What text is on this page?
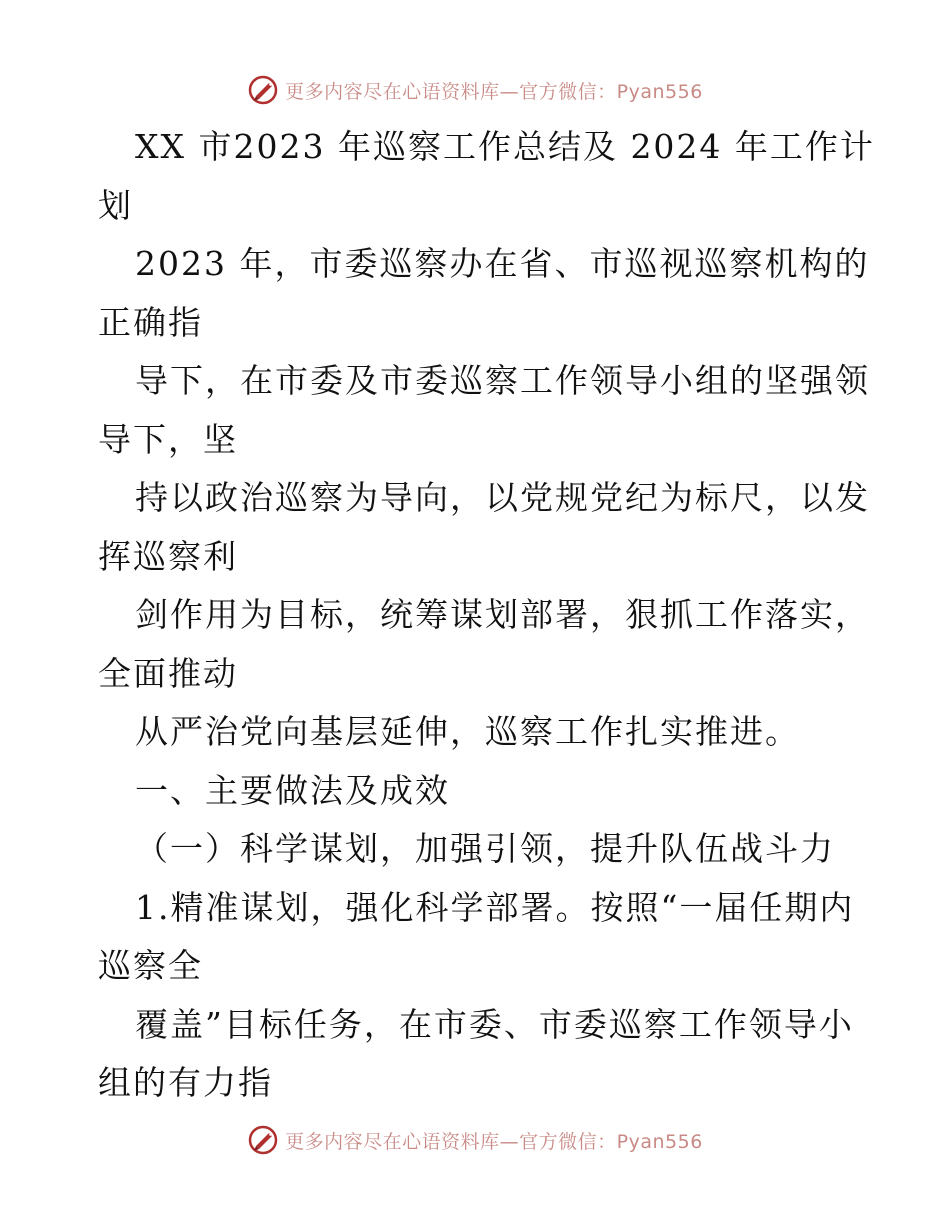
更多内容尽在心语资料库—官方微信：Pyan556
XX 市2023 年巡察工作总结及 2024 年工作计
划
2023 年，市委巡察办在省、市巡视巡察机构的
正确指
导下，在市委及市委巡察工作领导小组的坚强领
导下，坚
持以政治巡察为导向，以党规党纪为标尺，以发
挥巡察利
剑作用为目标，统筹谋划部署，狠抓工作落实，
全面推动
从严治党向基层延伸，巡察工作扎实推进。
一、主要做法及成效
（一）科学谋划，加强引领，提升队伍战斗力
1.精准谋划，强化科学部署。按照“一届任期内
巡察全
覆盖”目标任务，在市委、市委巡察工作领导小
组的有力指
更多内容尽在心语资料库—官方微信：Pyan556
